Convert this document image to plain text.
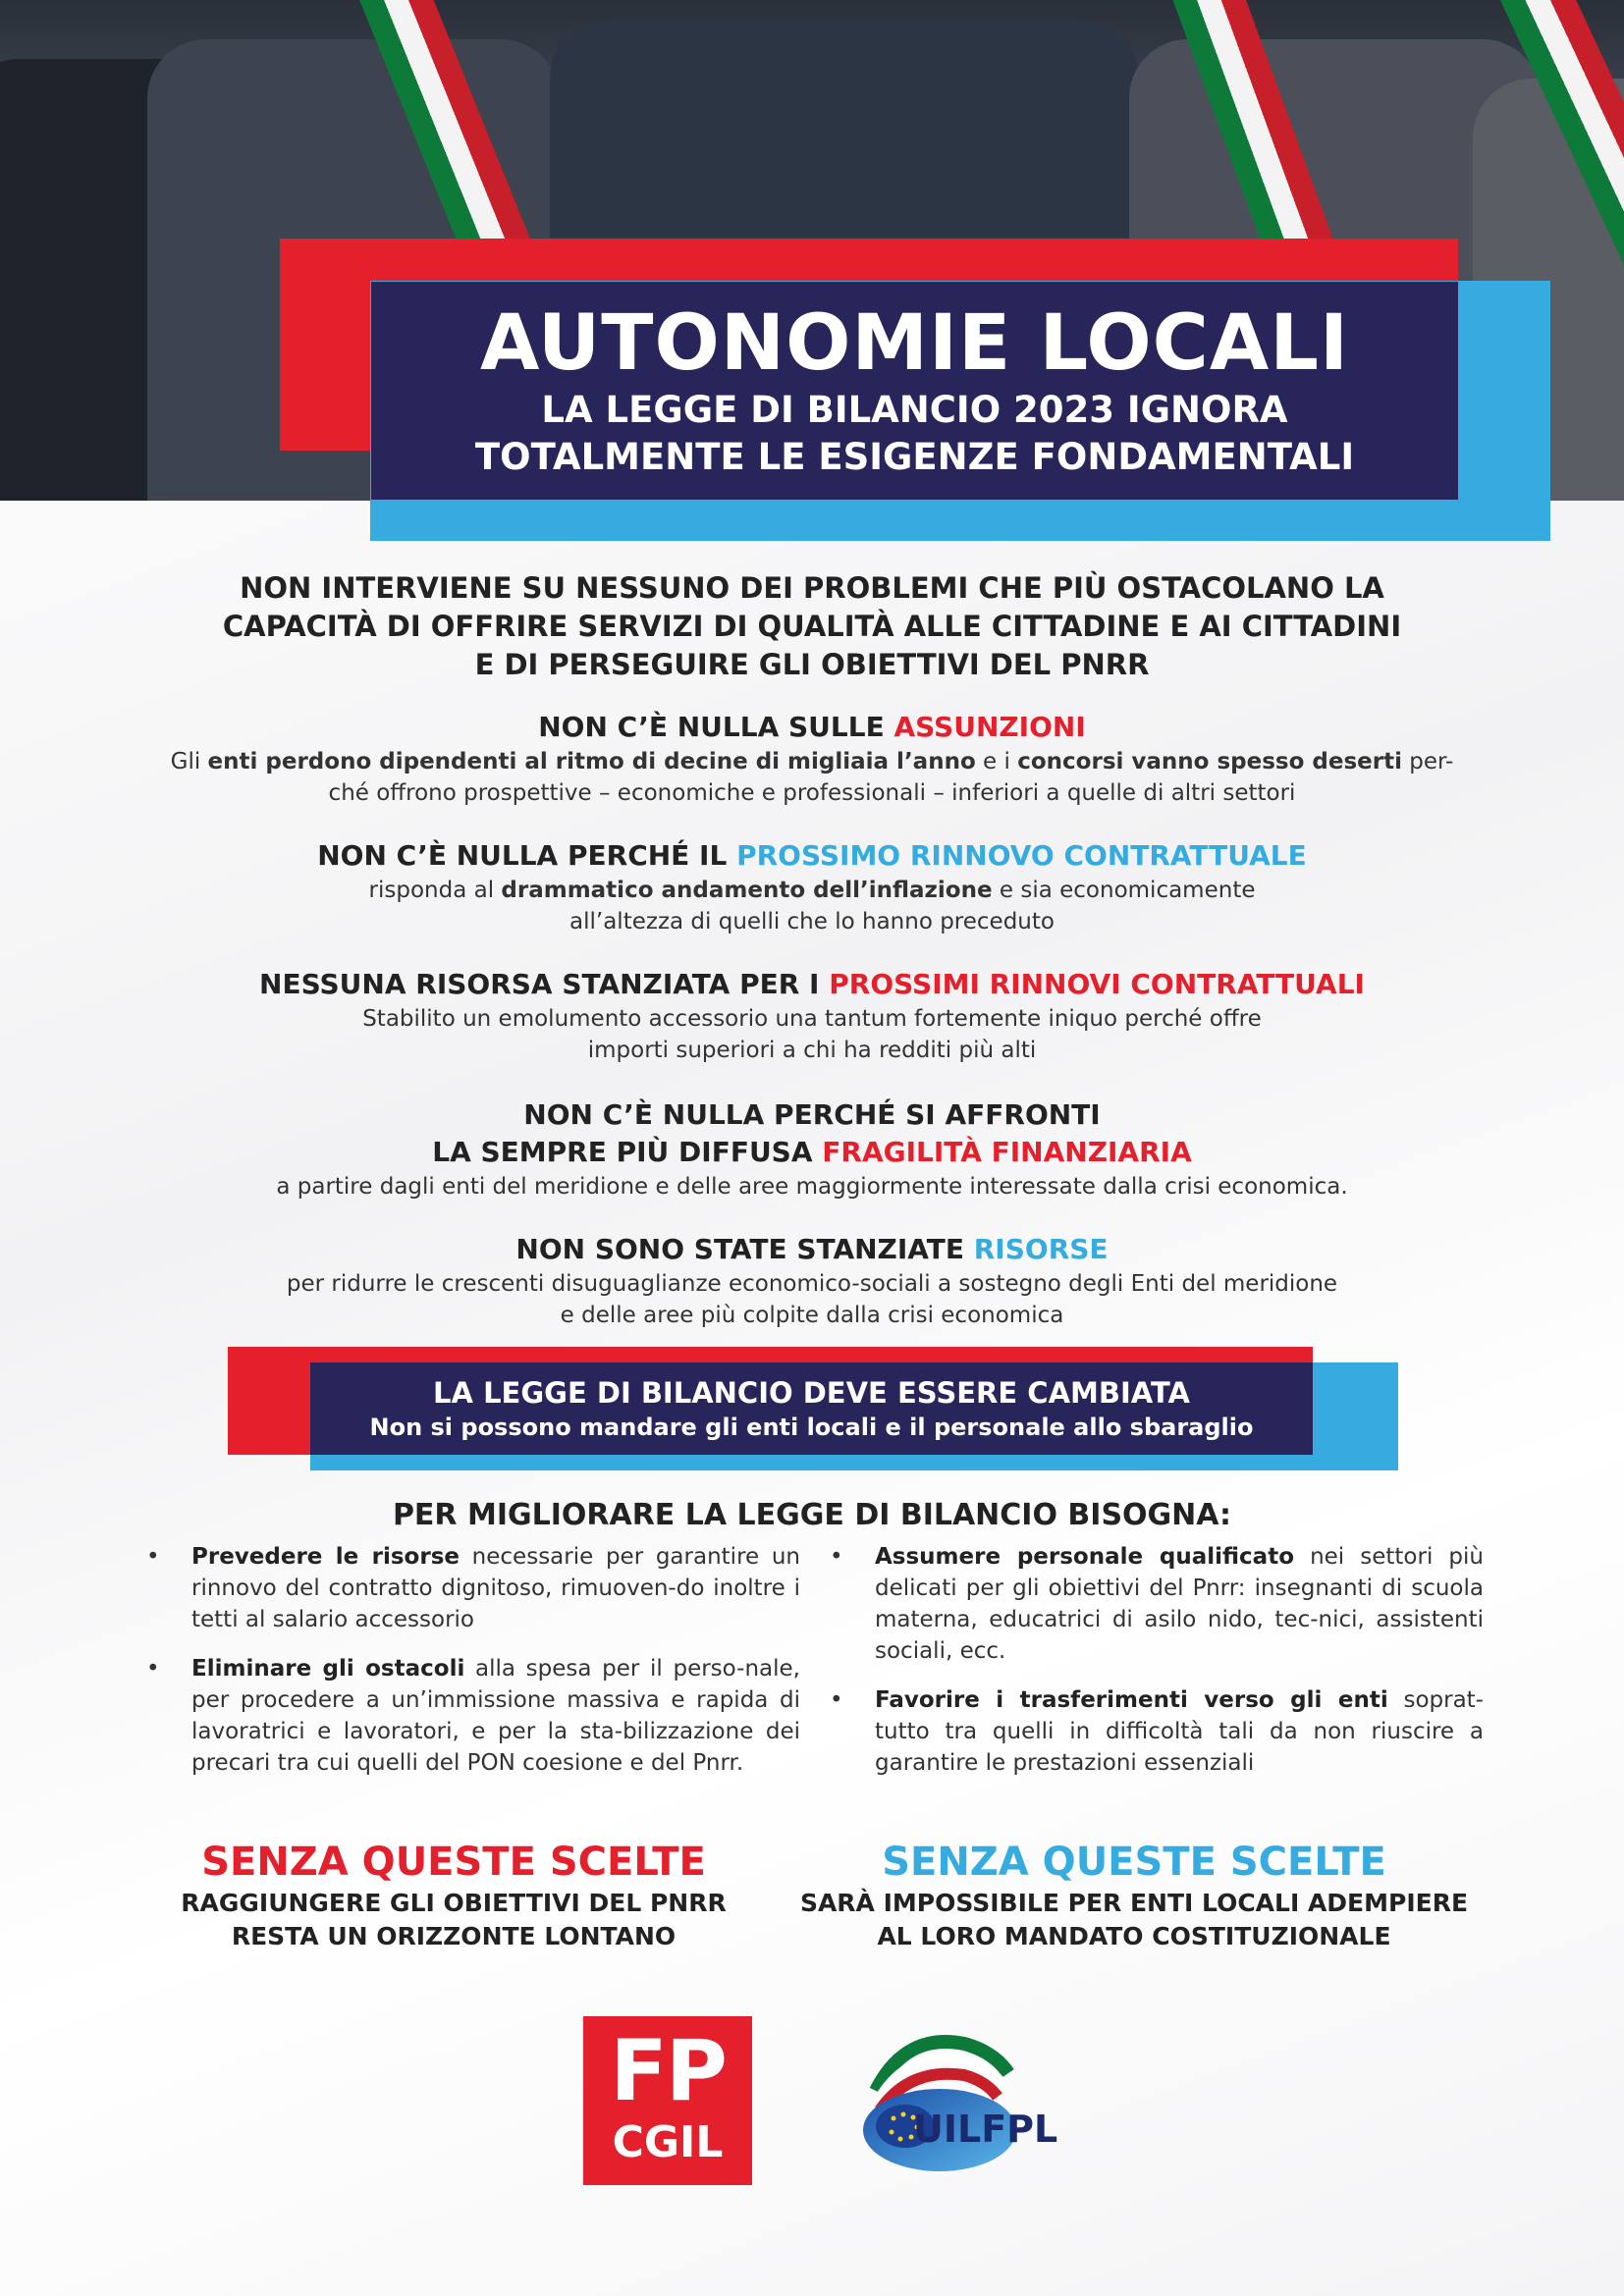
AUTONOMIE LOCALI
LA LEGGE DI BILANCIO 2023 IGNORA
TOTALMENTE LE ESIGENZE FONDAMENTALI
NON INTERVIENE SU NESSUNO DEI PROBLEMI CHE PIÙ OSTACOLANO LA
CAPACITÀ DI OFFRIRE SERVIZI DI QUALITÀ ALLE CITTADINE E AI CITTADINI
E DI PERSEGUIRE GLI OBIETTIVI DEL PNRR
NON C’È NULLA SULLE ASSUNZIONI
Gli enti perdono dipendenti al ritmo di decine di migliaia l’anno e i concorsi vanno spesso deserti per-
ché offrono prospettive – economiche e professionali – inferiori a quelle di altri settori
NON C’È NULLA PERCHÉ IL PROSSIMO RINNOVO CONTRATTUALE
risponda al drammatico andamento dell’inflazione e sia economicamente
all’altezza di quelli che lo hanno preceduto
NESSUNA RISORSA STANZIATA PER I PROSSIMI RINNOVI CONTRATTUALI
Stabilito un emolumento accessorio una tantum fortemente iniquo perché offre
importi superiori a chi ha redditi più alti
NON C’È NULLA PERCHÉ SI AFFRONTI
LA SEMPRE PIÙ DIFFUSA FRAGILITÀ FINANZIARIA
a partire dagli enti del meridione e delle aree maggiormente interessate dalla crisi economica.
NON SONO STATE STANZIATE RISORSE
per ridurre le crescenti disuguaglianze economico-sociali a sostegno degli Enti del meridione
e delle aree più colpite dalla crisi economica
LA LEGGE DI BILANCIO DEVE ESSERE CAMBIATA
Non si possono mandare gli enti locali e il personale allo sbaraglio
PER MIGLIORARE LA LEGGE DI BILANCIO BISOGNA:
• Prevedere le risorse necessarie per garantire un rinnovo del contratto dignitoso, rimuoven-do inoltre i tetti al salario accessorio
• Eliminare gli ostacoli alla spesa per il perso-nale, per procedere a un’immissione massiva e rapida di lavoratrici e lavoratori, e per la sta-bilizzazione dei precari tra cui quelli del PON coesione e del Pnrr.
• Assumere personale qualificato nei settori più delicati per gli obiettivi del Pnrr: insegnanti di scuola materna, educatrici di asilo nido, tec-nici, assistenti sociali, ecc.
• Favorire i trasferimenti verso gli enti soprat-tutto tra quelli in difficoltà tali da non riuscire a garantire le prestazioni essenziali
SENZA QUESTE SCELTE
RAGGIUNGERE GLI OBIETTIVI DEL PNRR
RESTA UN ORIZZONTE LONTANO
SENZA QUESTE SCELTE
SARÀ IMPOSSIBILE PER ENTI LOCALI ADEMPIERE
AL LORO MANDATO COSTITUZIONALE
FP
CGIL	UILFPL
